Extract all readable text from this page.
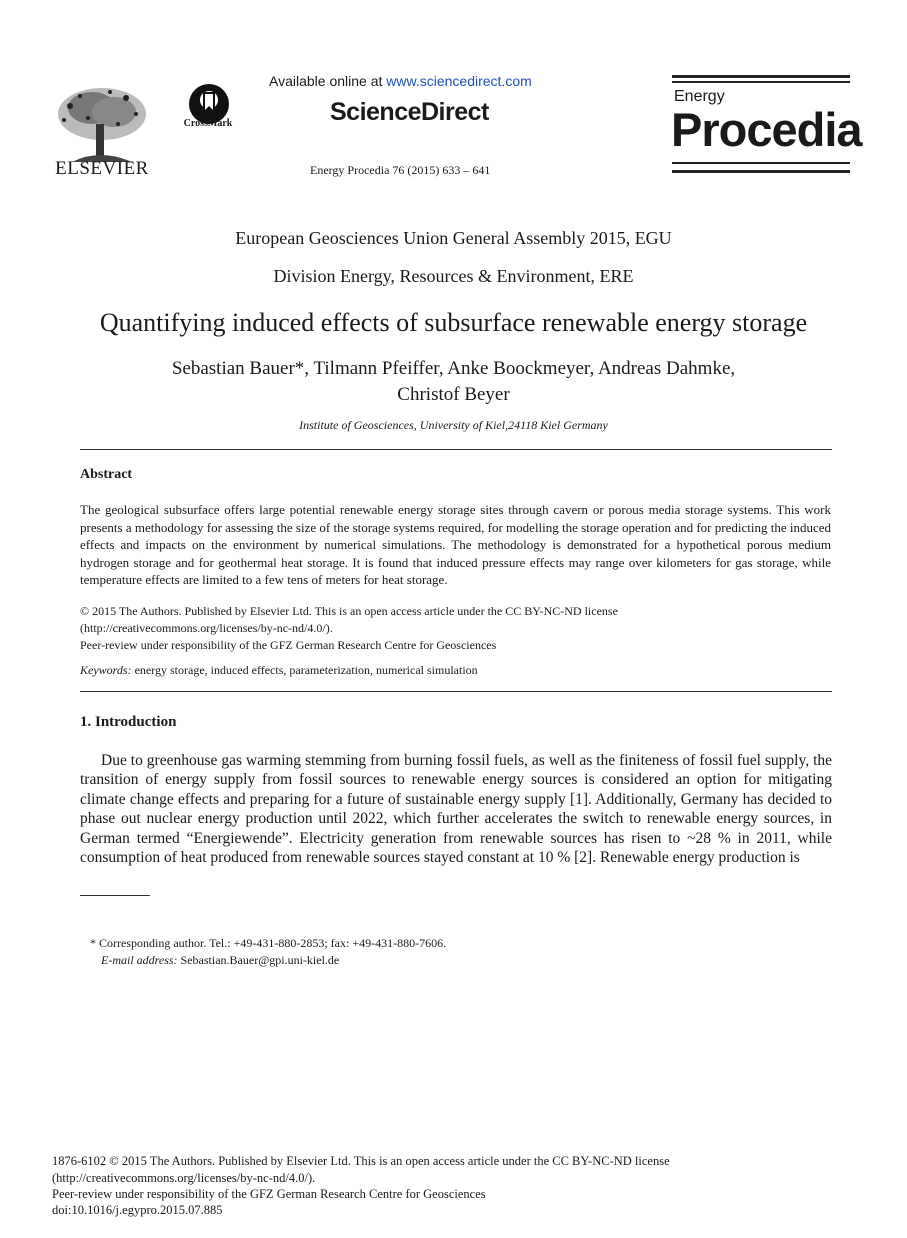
ELSEVIER
CrossMark
Available online at www.sciencedirect.com
ScienceDirect
Energy Procedia 76 (2015) 633 – 641
Energy
Procedia
European Geosciences Union General Assembly 2015, EGU
Division Energy, Resources & Environment, ERE
Quantifying induced effects of subsurface renewable energy storage
Sebastian Bauer*, Tilmann Pfeiffer, Anke Boockmeyer, Andreas Dahmke,
Christof Beyer
Institute of Geosciences, University of Kiel,24118 Kiel Germany
Abstract
The geological subsurface offers large potential renewable energy storage sites through cavern or porous media storage systems. This work presents a methodology for assessing the size of the storage systems required, for modelling the storage operation and for predicting the induced effects and impacts on the environment by numerical simulations. The methodology is demonstrated for a hypothetical porous medium hydrogen storage and for geothermal heat storage. It is found that induced pressure effects may range over kilometers for gas storage, while temperature effects are limited to a few tens of meters for heat storage.
© 2015 The Authors. Published by Elsevier Ltd. This is an open access article under the CC BY-NC-ND license
(http://creativecommons.org/licenses/by-nc-nd/4.0/).
Peer-review under responsibility of the GFZ German Research Centre for Geosciences
Keywords: energy storage, induced effects, parameterization, numerical simulation
1. Introduction
Due to greenhouse gas warming stemming from burning fossil fuels, as well as the finiteness of fossil fuel supply, the transition of energy supply from fossil sources to renewable energy sources is considered an option for mitigating climate change effects and preparing for a future of sustainable energy supply [1]. Additionally, Germany has decided to phase out nuclear energy production until 2022, which further accelerates the switch to renewable energy sources, in German termed “Energiewende”. Electricity generation from renewable sources has risen to ~28 % in 2011, while consumption of heat produced from renewable sources stayed constant at 10 % [2]. Renewable energy production is
* Corresponding author. Tel.: +49-431-880-2853; fax: +49-431-880-7606.
E-mail address: Sebastian.Bauer@gpi.uni-kiel.de
1876-6102 © 2015 The Authors. Published by Elsevier Ltd. This is an open access article under the CC BY-NC-ND license
(http://creativecommons.org/licenses/by-nc-nd/4.0/).
Peer-review under responsibility of the GFZ German Research Centre for Geosciences
doi:10.1016/j.egypro.2015.07.885
